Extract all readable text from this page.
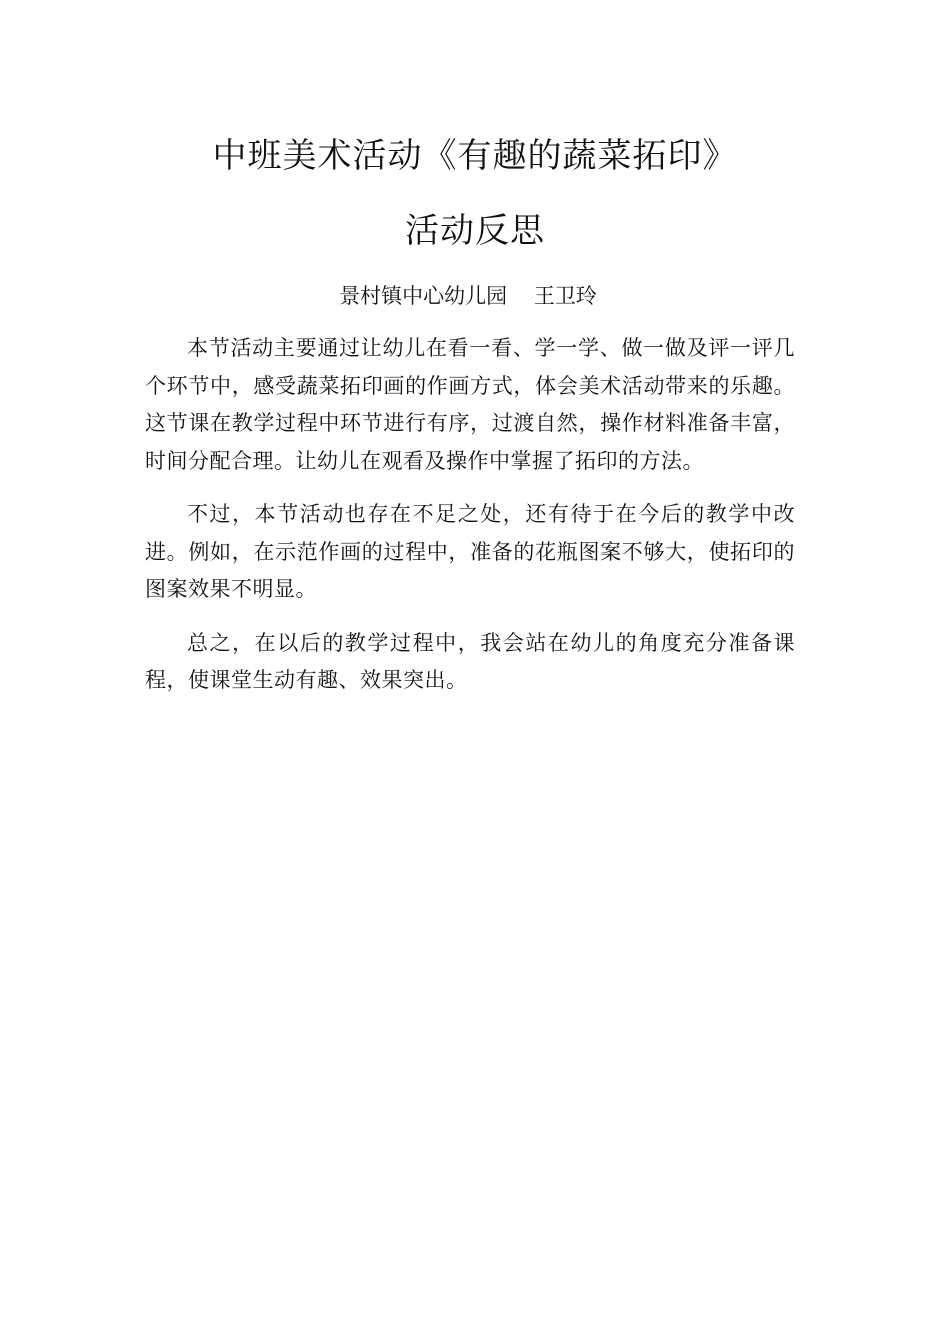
中班美术活动《有趣的蔬菜拓印》
活动反思
景村镇中心幼儿园    王卫玲

本节活动主要通过让幼儿在看一看、学一学、做一做及评一评几个环节中，感受蔬菜拓印画的作画方式，体会美术活动带来的乐趣。这节课在教学过程中环节进行有序，过渡自然，操作材料准备丰富，时间分配合理。让幼儿在观看及操作中掌握了拓印的方法。

不过，本节活动也存在不足之处，还有待于在今后的教学中改进。例如，在示范作画的过程中，准备的花瓶图案不够大，使拓印的图案效果不明显。

总之，在以后的教学过程中，我会站在幼儿的角度充分准备课程，使课堂生动有趣、效果突出。
